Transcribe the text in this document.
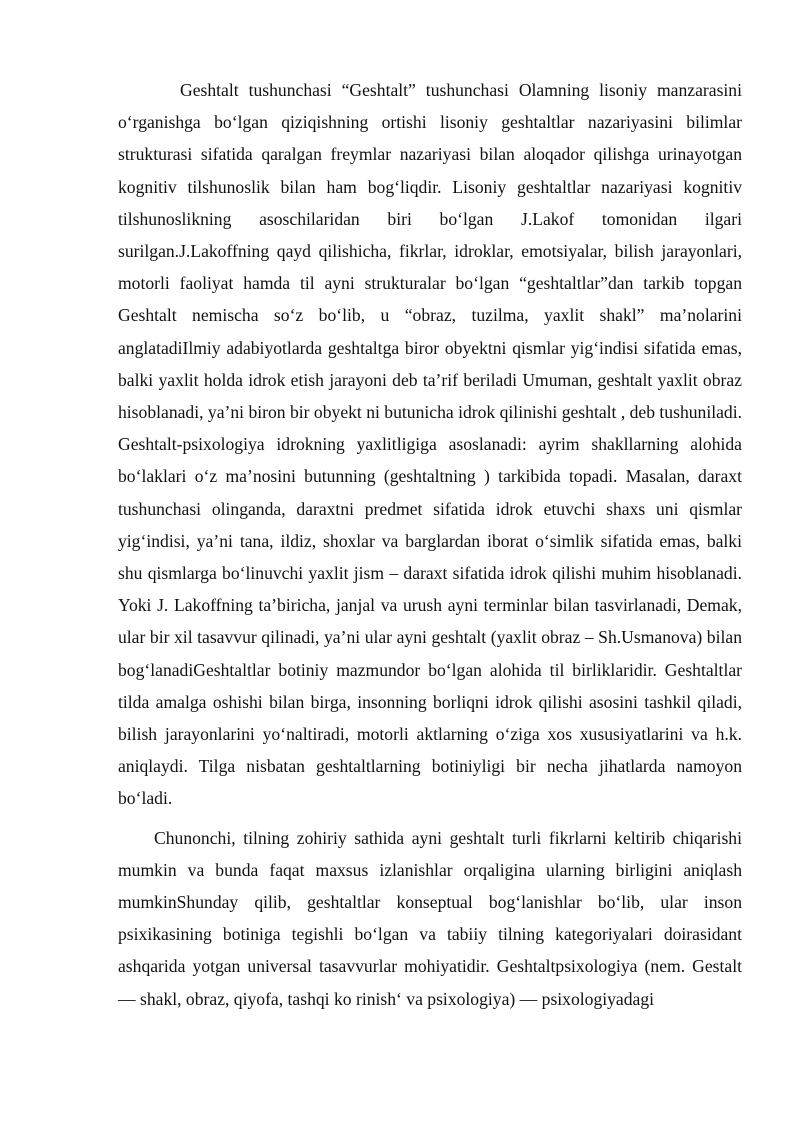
Geshtalt tushunchasi “Geshtalt” tushunchasi Olamning lisoniy manzarasini o‘rganishga bo‘lgan qiziqishning ortishi lisoniy geshtaltlar nazariyasini bilimlar strukturasi sifatida qaralgan freymlar nazariyasi bilan aloqador qilishga urinayotgan kognitiv tilshunoslik bilan ham bog‘liqdir. Lisoniy geshtaltlar nazariyasi kognitiv tilshunoslikning asoschilaridan biri bo‘lgan J.Lakof tomonidan ilgari surilgan.J.Lakoffning qayd qilishicha, fikrlar, idroklar, emotsiyalar, bilish jarayonlari, motorli faoliyat hamda til ayni strukturalar bo‘lgan “geshtaltlar”dan tarkib topgan Geshtalt nemischa so‘z bo‘lib, u “obraz, tuzilma, yaxlit shakl” ma’nolarini anglatadiIlmiy adabiyotlarda geshtaltga biror obyektni qismlar yig‘indisi sifatida emas, balki yaxlit holda idrok etish jarayoni deb ta’rif beriladi Umuman, geshtalt yaxlit obraz hisoblanadi, ya’ni biron bir obyekt ni butunicha idrok qilinishi geshtalt , deb tushuniladi. Geshtalt-psixologiya idrokning yaxlitligiga asoslanadi: ayrim shakllarning alohida bo‘laklari o‘z ma’nosini butunning (geshtaltning ) tarkibida topadi. Masalan, daraxt tushunchasi olinganda, daraxtni predmet sifatida idrok etuvchi shaxs uni qismlar yig‘indisi, ya’ni tana, ildiz, shoxlar va barglardan iborat o‘simlik sifatida emas, balki shu qismlarga bo‘linuvchi yaxlit jism – daraxt sifatida idrok qilishi muhim hisoblanadi. Yoki J. Lakoffning ta’biricha, janjal va urush ayni terminlar bilan tasvirlanadi, Demak, ular bir xil tasavvur qilinadi, ya’ni ular ayni geshtalt (yaxlit obraz – Sh.Usmanova) bilan bog‘lanadiGeshtaltlar botiniy mazmundor bo‘lgan alohida til birliklaridir. Geshtaltlar tilda amalga oshishi bilan birga, insonning borliqni idrok qilishi asosini tashkil qiladi, bilish jarayonlarini yo‘naltiradi, motorli aktlarning o‘ziga xos xususiyatlarini va h.k. aniqlaydi. Tilga nisbatan geshtaltlarning botiniyligi bir necha jihatlarda namoyon bo‘ladi.

Chunonchi, tilning zohiriy sathida ayni geshtalt turli fikrlarni keltirib chiqarishi mumkin va bunda faqat maxsus izlanishlar orqaligina ularning birligini aniqlash mumkinShunday qilib, geshtaltlar konseptual bog‘lanishlar bo‘lib, ular inson psixikasining botiniga tegishli bo‘lgan va tabiiy tilning kategoriyalari doirasidant ashqarida yotgan universal tasavvurlar mohiyatidir. Geshtaltpsixologiya (nem. Gestalt — shakl, obraz, qiyofa, tashqi ko rinish‘ va psixologiya) — psixologiyadagi
